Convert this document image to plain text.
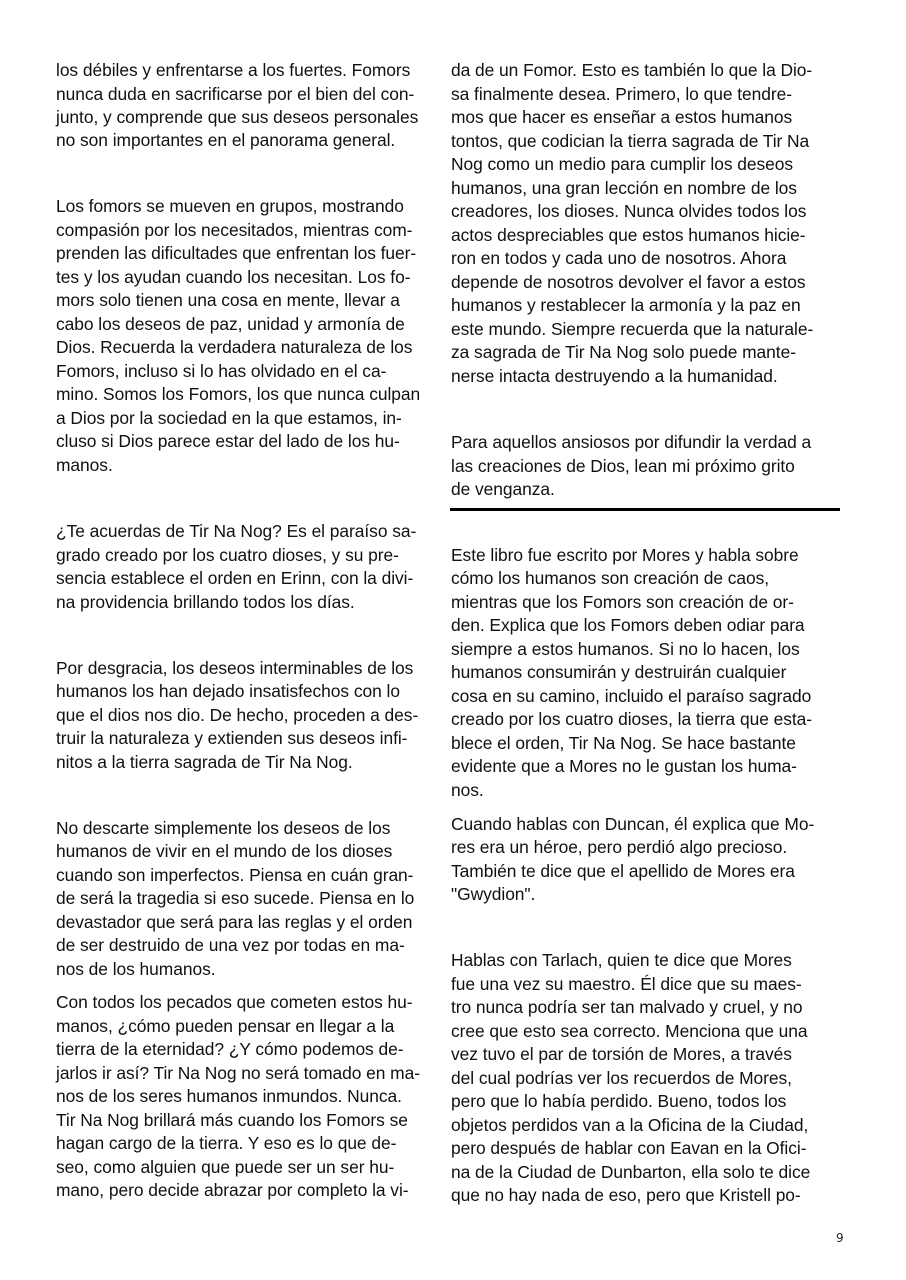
los débiles y enfrentarse a los fuertes. Fomors
nunca duda en sacrificarse por el bien del con-
junto, y comprende que sus deseos personales
no son importantes en el panorama general.
Los fomors se mueven en grupos, mostrando
compasión por los necesitados, mientras com-
prenden las dificultades que enfrentan los fuer-
tes y los ayudan cuando los necesitan. Los fo-
mors solo tienen una cosa en mente, llevar a
cabo los deseos de paz, unidad y armonía de
Dios. Recuerda la verdadera naturaleza de los
Fomors, incluso si lo has olvidado en el ca-
mino. Somos los Fomors, los que nunca culpan
a Dios por la sociedad en la que estamos, in-
cluso si Dios parece estar del lado de los hu-
manos.
¿Te acuerdas de Tir Na Nog? Es el paraíso sa-
grado creado por los cuatro dioses, y su pre-
sencia establece el orden en Erinn, con la divi-
na providencia brillando todos los días.
Por desgracia, los deseos interminables de los
humanos los han dejado insatisfechos con lo
que el dios nos dio. De hecho, proceden a des-
truir la naturaleza y extienden sus deseos infi-
nitos a la tierra sagrada de Tir Na Nog.
No descarte simplemente los deseos de los
humanos de vivir en el mundo de los dioses
cuando son imperfectos. Piensa en cuán gran-
de será la tragedia si eso sucede. Piensa en lo
devastador que será para las reglas y el orden
de ser destruido de una vez por todas en ma-
nos de los humanos.
Con todos los pecados que cometen estos hu-
manos, ¿cómo pueden pensar en llegar a la
tierra de la eternidad? ¿Y cómo podemos de-
jarlos ir así? Tir Na Nog no será tomado en ma-
nos de los seres humanos inmundos. Nunca.
Tir Na Nog brillará más cuando los Fomors se
hagan cargo de la tierra. Y eso es lo que de-
seo, como alguien que puede ser un ser hu-
mano, pero decide abrazar por completo la vi-
da de un Fomor. Esto es también lo que la Dio-
sa finalmente desea. Primero, lo que tendre-
mos que hacer es enseñar a estos humanos
tontos, que codician la tierra sagrada de Tir Na
Nog como un medio para cumplir los deseos
humanos, una gran lección en nombre de los
creadores, los dioses. Nunca olvides todos los
actos despreciables que estos humanos hicie-
ron en todos y cada uno de nosotros. Ahora
depende de nosotros devolver el favor a estos
humanos y restablecer la armonía y la paz en
este mundo. Siempre recuerda que la naturale-
za sagrada de Tir Na Nog solo puede mante-
nerse intacta destruyendo a la humanidad.
Para aquellos ansiosos por difundir la verdad a
las creaciones de Dios, lean mi próximo grito
de venganza.
Este libro fue escrito por Mores y habla sobre
cómo los humanos son creación de caos,
mientras que los Fomors son creación de or-
den. Explica que los Fomors deben odiar para
siempre a estos humanos. Si no lo hacen, los
humanos consumirán y destruirán cualquier
cosa en su camino, incluido el paraíso sagrado
creado por los cuatro dioses, la tierra que esta-
blece el orden, Tir Na Nog. Se hace bastante
evidente que a Mores no le gustan los huma-
nos.
Cuando hablas con Duncan, él explica que Mo-
res era un héroe, pero perdió algo precioso.
También te dice que el apellido de Mores era
"Gwydion".
Hablas con Tarlach, quien te dice que Mores
fue una vez su maestro. Él dice que su maes-
tro nunca podría ser tan malvado y cruel, y no
cree que esto sea correcto. Menciona que una
vez tuvo el par de torsión de Mores, a través
del cual podrías ver los recuerdos de Mores,
pero que lo había perdido. Bueno, todos los
objetos perdidos van a la Oficina de la Ciudad,
pero después de hablar con Eavan en la Ofici-
na de la Ciudad de Dunbarton, ella solo te dice
que no hay nada de eso, pero que Kristell po-
9
